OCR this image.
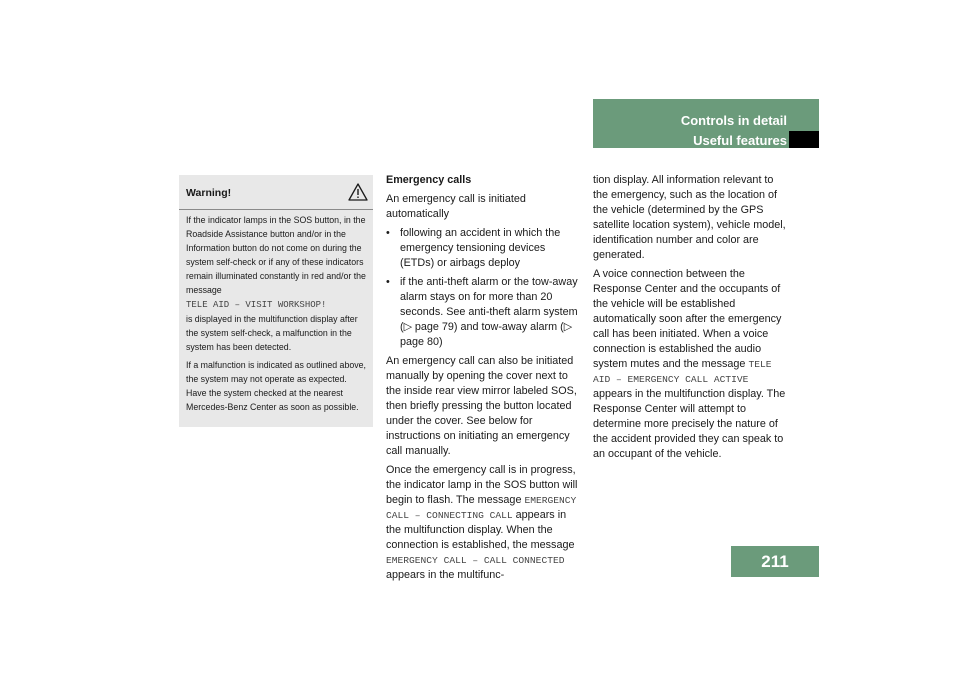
Controls in detail
Useful features
211
Warning!

If the indicator lamps in the SOS button, in the Roadside Assistance button and/or in the Information button do not come on during the system self-check or if any of these indicators remain illuminated constantly in red and/or the message
TELE AID – VISIT WORKSHOP!
is displayed in the multifunction display after the system self-check, a malfunction in the system has been detected.

If a malfunction is indicated as outlined above, the system may not operate as expected. Have the system checked at the nearest Mercedes-Benz Center as soon as possible.

Emergency calls

An emergency call is initiated automatically

• following an accident in which the emergency tensioning devices (ETDs) or airbags deploy
• if the anti-theft alarm or the tow-away alarm stays on for more than 20 seconds. See anti-theft alarm system (▷ page 79) and tow-away alarm (▷ page 80)

An emergency call can also be initiated manually by opening the cover next to the inside rear view mirror labeled SOS, then briefly pressing the button located under the cover. See below for instructions on initiating an emergency call manually.

Once the emergency call is in progress, the indicator lamp in the SOS button will begin to flash. The message EMERGENCY CALL – CONNECTING CALL appears in the multifunction display. When the connection is established, the message EMERGENCY CALL – CALL CONNECTED appears in the multifunc-

tion display. All information relevant to the emergency, such as the location of the vehicle (determined by the GPS satellite location system), vehicle model, identification number and color are generated.

A voice connection between the Response Center and the occupants of the vehicle will be established automatically soon after the emergency call has been initiated. When a voice connection is established the audio system mutes and the message TELE AID – EMERGENCY CALL ACTIVE appears in the multifunction display. The Response Center will attempt to determine more precisely the nature of the accident provided they can speak to an occupant of the vehicle.
